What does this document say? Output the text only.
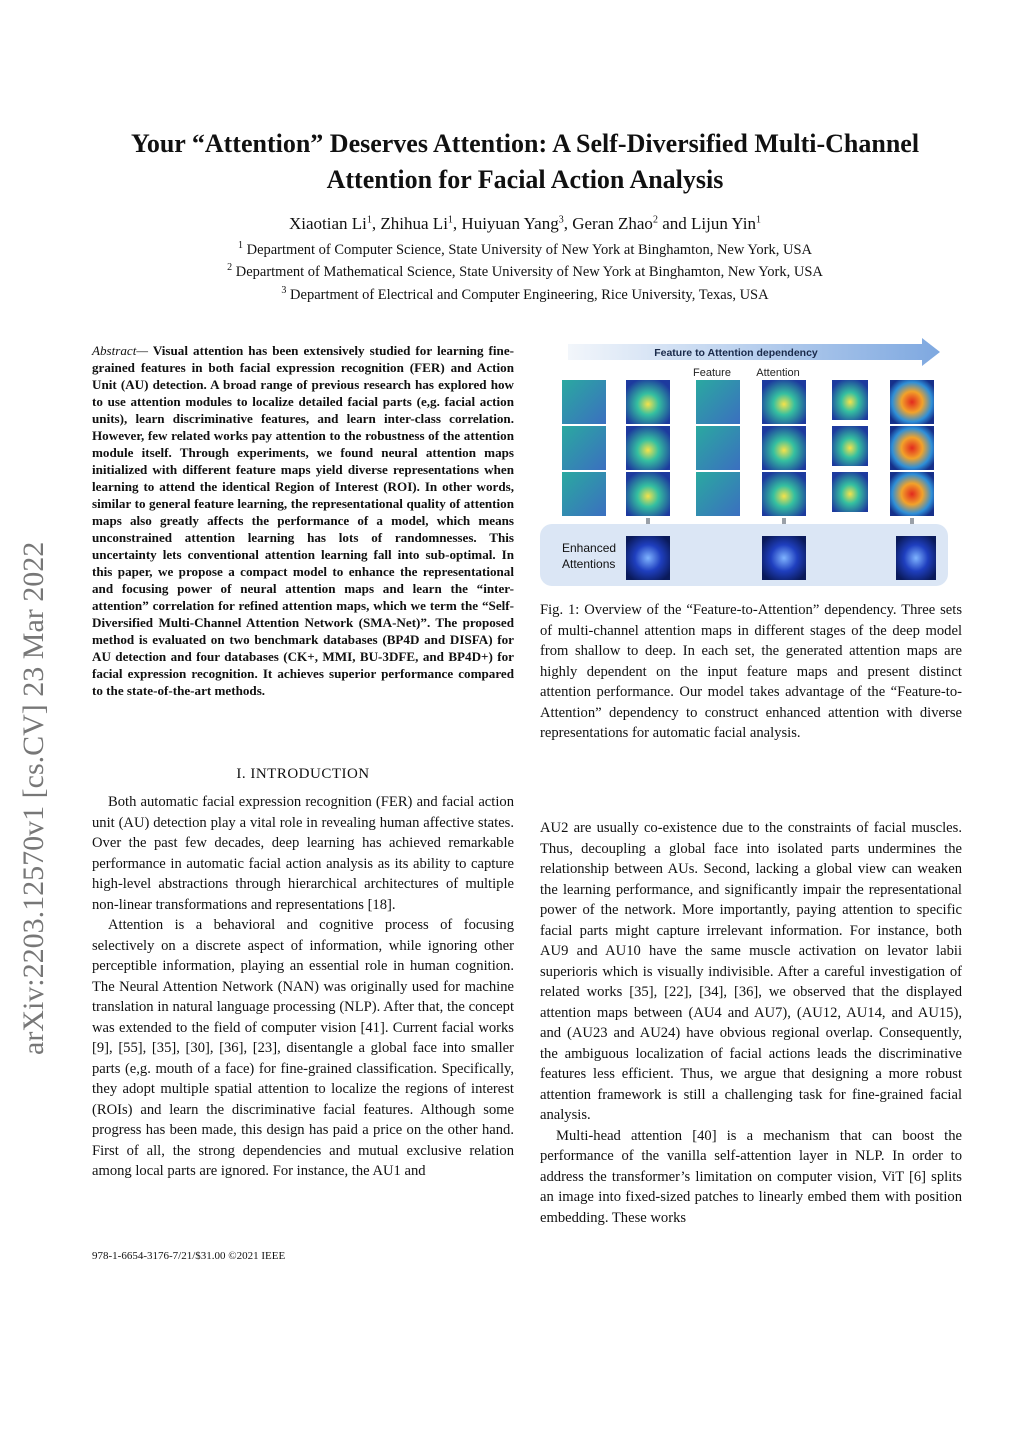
arXiv:2203.12570v1 [cs.CV] 23 Mar 2022
Your “Attention” Deserves Attention: A Self-Diversified Multi-Channel
Attention for Facial Action Analysis
Xiaotian Li$^1$, Zhihua Li$^1$, Huiyuan Yang$^3$, Geran Zhao$^2$ and Lijun Yin$^1$
$^1$ Department of Computer Science, State University of New York at Binghamton, New York, USA
$^2$ Department of Mathematical Science, State University of New York at Binghamton, New York, USA
$^3$ Department of Electrical and Computer Engineering, Rice University, Texas, USA
Abstract— Visual attention has been extensively studied for learning fine-grained features in both facial expression recognition (FER) and Action Unit (AU) detection. A broad range of previous research has explored how to use attention modules to localize detailed facial parts (e,g. facial action units), learn discriminative features, and learn inter-class correlation. However, few related works pay attention to the robustness of the attention module itself. Through experiments, we found neural attention maps initialized with different feature maps yield diverse representations when learning to attend the identical Region of Interest (ROI). In other words, similar to general feature learning, the representational quality of attention maps also greatly affects the performance of a model, which means unconstrained attention learning has lots of randomnesses. This uncertainty lets conventional attention learning fall into sub-optimal. In this paper, we propose a compact model to enhance the representational and focusing power of neural attention maps and learn the “inter-attention” correlation for refined attention maps, which we term the “Self-Diversified Multi-Channel Attention Network (SMA-Net)”. The proposed method is evaluated on two benchmark databases (BP4D and DISFA) for AU detection and four databases (CK+, MMI, BU-3DFE, and BP4D+) for facial expression recognition. It achieves superior performance compared to the state-of-the-art methods.
I. INTRODUCTION

Both automatic facial expression recognition (FER) and facial action unit (AU) detection play a vital role in revealing human affective states. Over the past few decades, deep learning has achieved remarkable performance in automatic facial action analysis as its ability to capture high-level abstractions through hierarchical architectures of multiple non-linear transformations and representations [18].

Attention is a behavioral and cognitive process of focusing selectively on a discrete aspect of information, while ignoring other perceptible information, playing an essential role in human cognition. The Neural Attention Network (NAN) was originally used for machine translation in natural language processing (NLP). After that, the concept was extended to the field of computer vision [41]. Current facial works [9], [55], [35], [30], [36], [23], disentangle a global face into smaller parts (e,g. mouth of a face) for fine-grained classification. Specifically, they adopt multiple spatial attention to localize the regions of interest (ROIs) and learn the discriminative facial features. Although some progress has been made, this design has paid a price on the other hand. First of all, the strong dependencies and mutual exclusive relation among local parts are ignored. For instance, the AU1 and

978-1-6654-3176-7/21/$31.00 ©2021 IEEE
Feature to Attention dependency
Feature Attention
Enhanced
Attentions
Fig. 1: Overview of the “Feature-to-Attention” dependency. Three sets of multi-channel attention maps in different stages of the deep model from shallow to deep. In each set, the generated attention maps are highly dependent on the input feature maps and present distinct attention performance. Our model takes advantage of the “Feature-to-Attention” dependency to construct enhanced attention with diverse representations for automatic facial analysis.

AU2 are usually co-existence due to the constraints of facial muscles. Thus, decoupling a global face into isolated parts undermines the relationship between AUs. Second, lacking a global view can weaken the learning performance, and significantly impair the representational power of the network. More importantly, paying attention to specific facial parts might capture irrelevant information. For instance, both AU9 and AU10 have the same muscle activation on levator labii superioris which is visually indivisible. After a careful investigation of related works [35], [22], [34], [36], we observed that the displayed attention maps between (AU4 and AU7), (AU12, AU14, and AU15), and (AU23 and AU24) have obvious regional overlap. Consequently, the ambiguous localization of facial actions leads the discriminative features less efficient. Thus, we argue that designing a more robust attention framework is still a challenging task for fine-grained facial analysis.

Multi-head attention [40] is a mechanism that can boost the performance of the vanilla self-attention layer in NLP. In order to address the transformer’s limitation on computer vision, ViT [6] splits an image into fixed-sized patches to linearly embed them with position embedding. These works
